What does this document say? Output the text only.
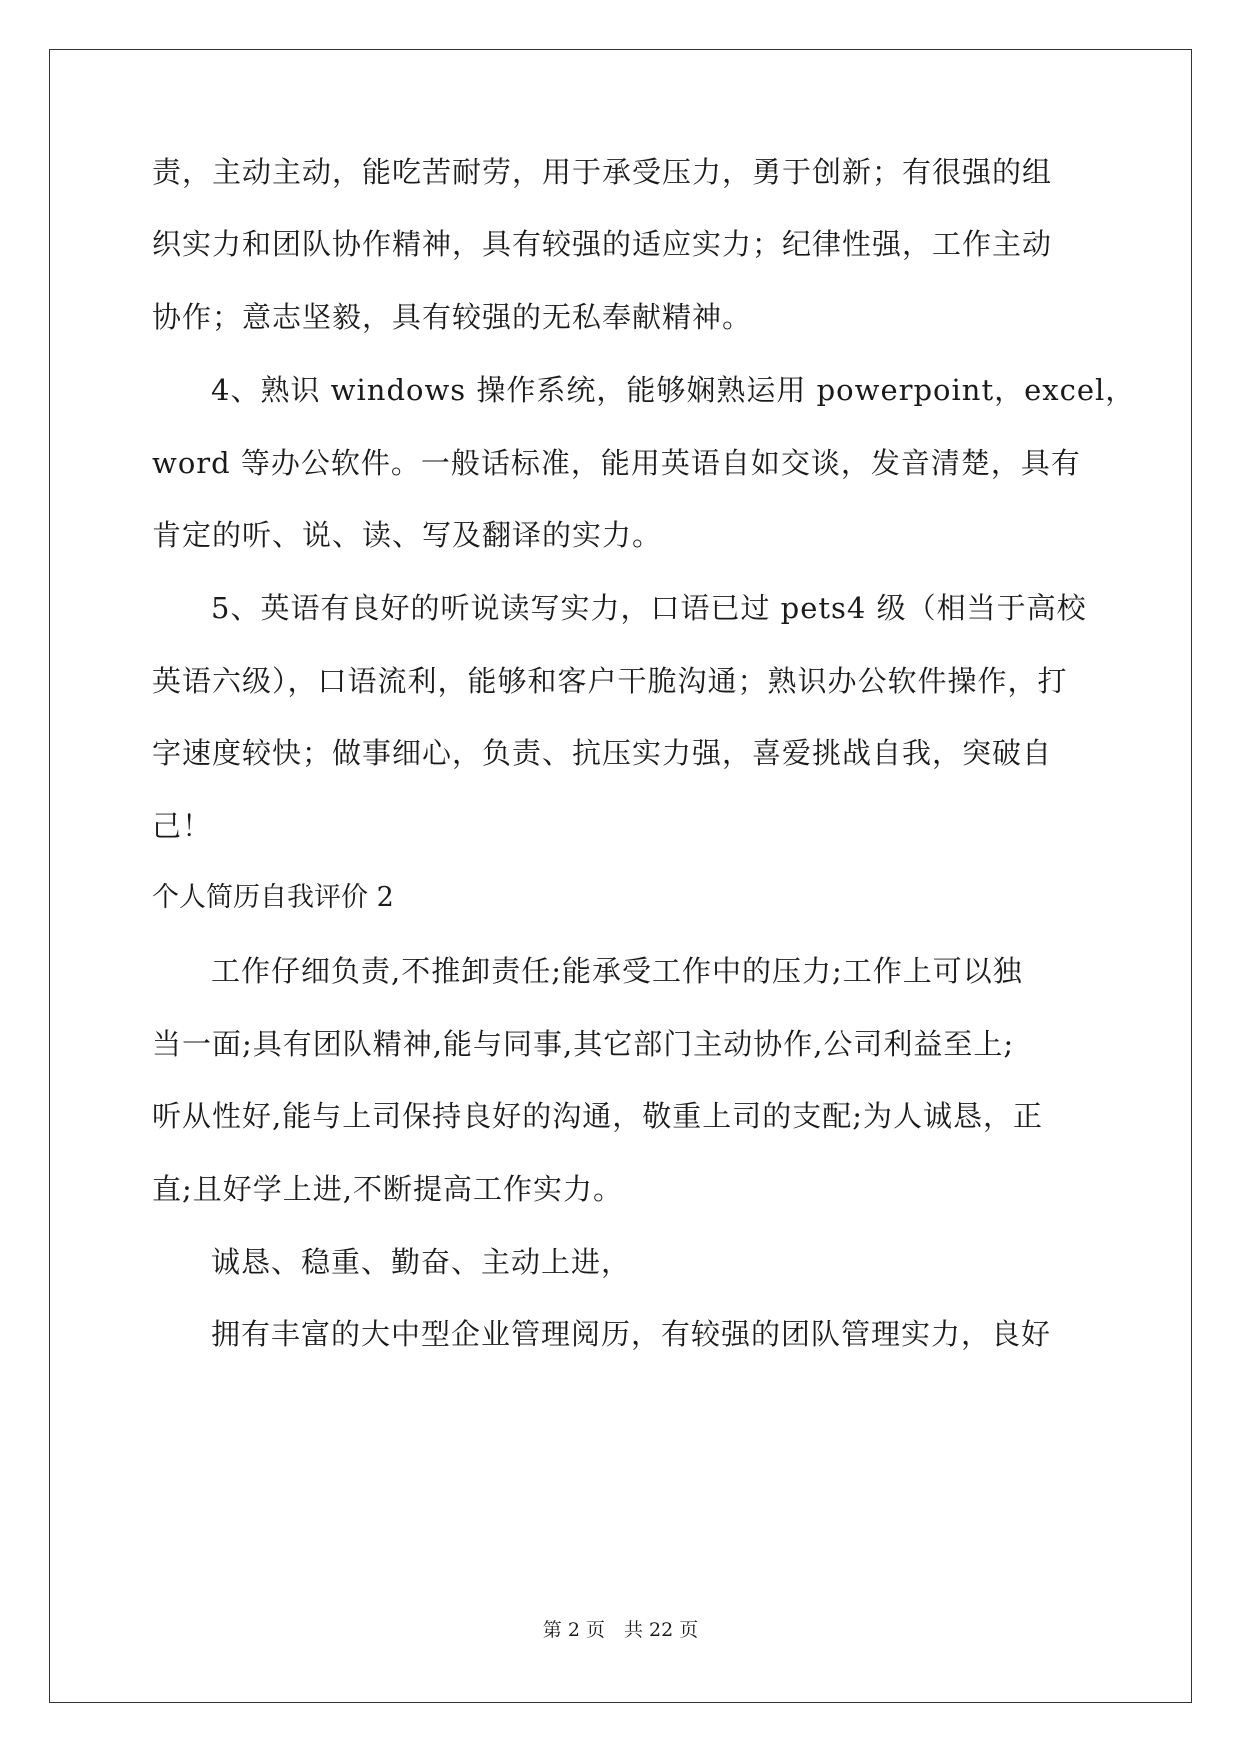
责，主动主动，能吃苦耐劳，用于承受压力，勇于创新；有很强的组
织实力和团队协作精神，具有较强的适应实力；纪律性强，工作主动
协作；意志坚毅，具有较强的无私奉献精神。
4、熟识 windows 操作系统，能够娴熟运用 powerpoint，excel，
word 等办公软件。一般话标准，能用英语自如交谈，发音清楚，具有
肯定的听、说、读、写及翻译的实力。
5、英语有良好的听说读写实力，口语已过 pets4 级（相当于高校
英语六级），口语流利，能够和客户干脆沟通；熟识办公软件操作，打
字速度较快；做事细心，负责、抗压实力强，喜爱挑战自我，突破自
己！
个人简历自我评价 2
工作仔细负责,不推卸责任;能承受工作中的压力;工作上可以独
当一面;具有团队精神,能与同事,其它部门主动协作,公司利益至上;
听从性好,能与上司保持良好的沟通，敬重上司的支配;为人诚恳，正
直;且好学上进,不断提高工作实力。
诚恳、稳重、勤奋、主动上进，
拥有丰富的大中型企业管理阅历，有较强的团队管理实力，良好
第 2 页　共 22 页
